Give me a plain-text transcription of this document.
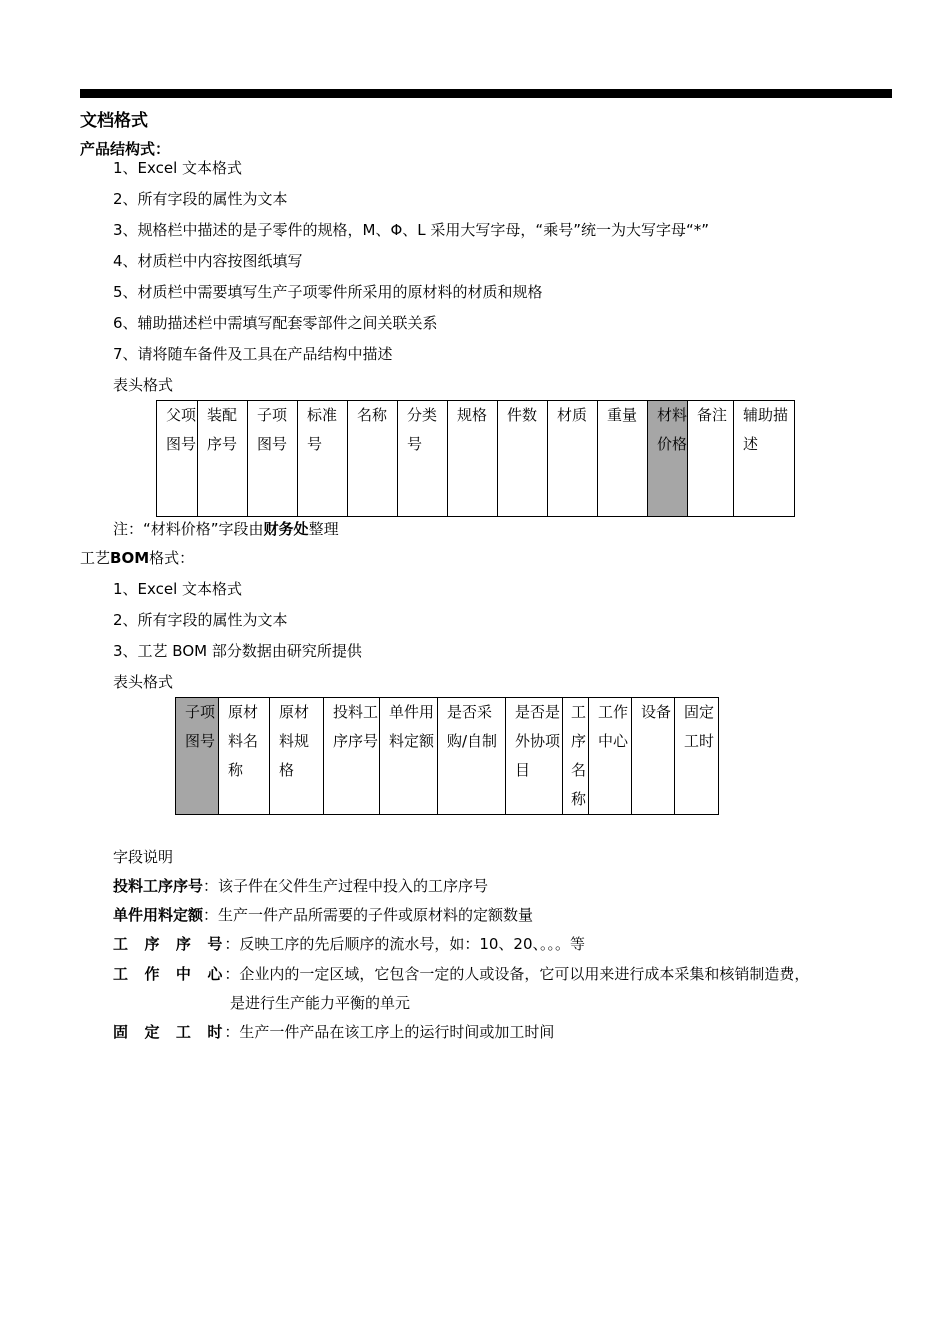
文档格式
产品结构式：
1、Excel 文本格式
2、所有字段的属性为文本
3、规格栏中描述的是子零件的规格，M、Φ、L 采用大写字母，“乘号”统一为大写字母“*”
4、材质栏中内容按图纸填写
5、材质栏中需要填写生产子项零件所采用的原材料的材质和规格
6、辅助描述栏中需填写配套零部件之间关联关系
7、请将随车备件及工具在产品结构中描述
表头格式
父项图号	装配序号	子项图号	标准号	名称	分类号	规格	件数	材质	重量	材料价格	备注	辅助描述
注：“材料价格”字段由财务处整理
工艺BOM格式：
1、Excel 文本格式
2、所有字段的属性为文本
3、工艺 BOM 部分数据由研究所提供
表头格式
子项图号	原材料名称	原材料规格	投料工序序号	单件用料定额	是否采购/自制	是否是外协项目	工序名称	工作中心	设备	固定工时
字段说明
投料工序序号：该子件在父件生产过程中投入的工序序号
单件用料定额：生产一件产品所需要的子件或原材料的定额数量
工  序  序  号：反映工序的先后顺序的流水号，如：10、20、。。。等
工  作  中  心：企业内的一定区域，它包含一定的人或设备，它可以用来进行成本采集和核销制造费，
是进行生产能力平衡的单元
固  定  工  时：生产一件产品在该工序上的运行时间或加工时间
